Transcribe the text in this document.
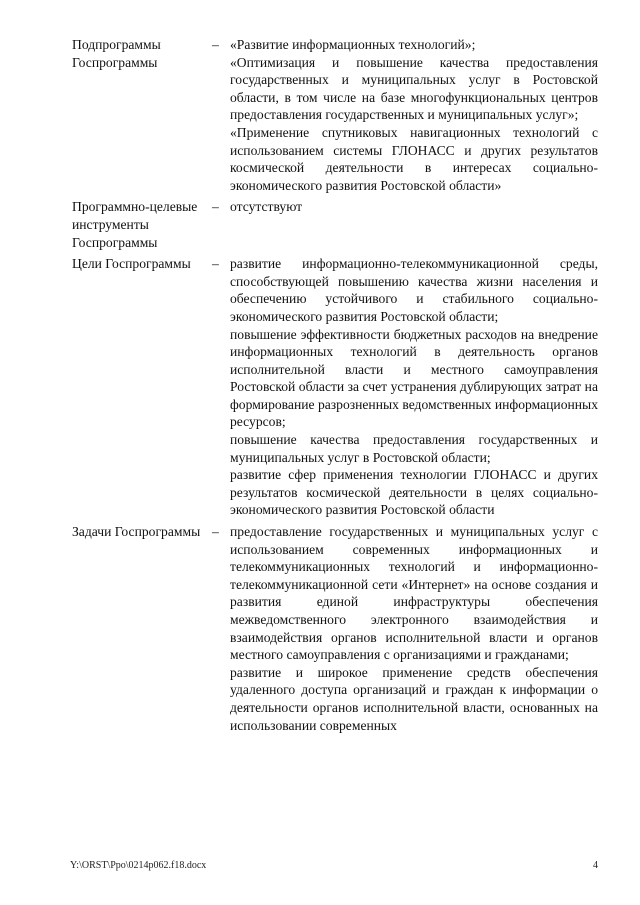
Подпрограммы Госпрограммы
– «Развитие информационных технологий»;

«Оптимизация и повышение качества предоставления государственных и муниципальных услуг в Ростовской области, в том числе на базе многофункциональных центров предоставления государственных и муниципальных услуг»;

«Применение спутниковых навигационных технологий с использованием системы ГЛОНАСС и других результатов космической деятельности в интересах социально-экономического развития Ростовской области»

Программно-целевые инструменты Госпрограммы
– отсутствуют

Цели Госпрограммы	– развитие информационно-телекоммуникационной среды, способствующей повышению качества жизни населения и обеспечению устойчивого и стабильного социально-экономического развития Ростовской области;

повышение эффективности бюджетных расходов на внедрение информационных технологий в деятельность органов исполнительной власти и местного самоуправления Ростовской области за счет устранения дублирующих затрат на формирование разрозненных ведомственных информационных ресурсов;

повышение качества предоставления государственных и муниципальных услуг в Ростовской области;

развитие сфер применения технологии ГЛОНАСС и других результатов космической деятельности в целях социально-экономического развития Ростовской области

Задачи Госпрограммы – предоставление государственных и муниципальных услуг с использованием современных информационных и телекоммуникационных технологий и информационно-телекоммуникационной сети «Интернет» на основе создания и развития единой инфраструктуры обеспечения межведомственного электронного взаимодействия и взаимодействия органов исполнительной власти и органов местного самоуправления с организациями и гражданами;

развитие и широкое применение средств обеспечения удаленного доступа организаций и граждан к информации о деятельности органов исполнительной власти, основанных на использовании современных

Y:\ORST\Ppo\0214p062.f18.docx	4
